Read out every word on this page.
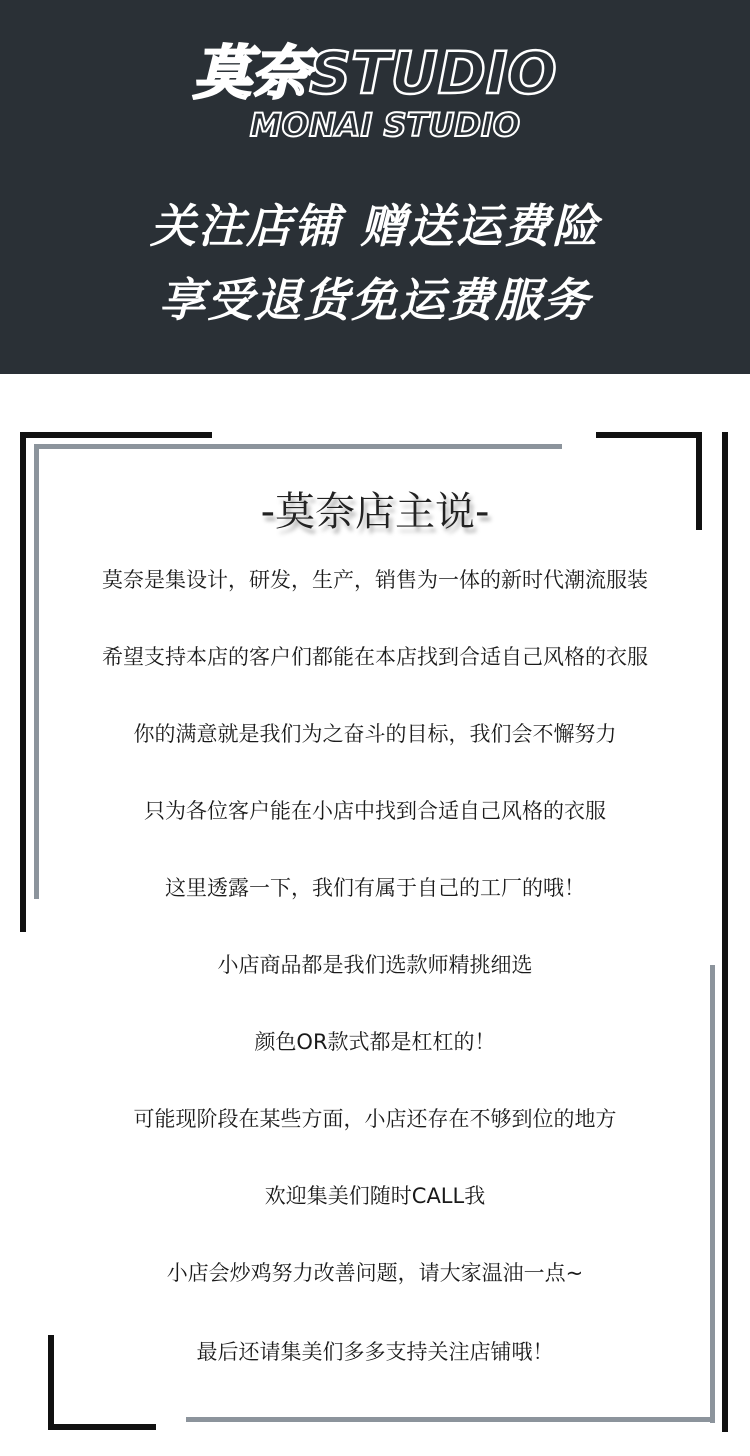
莫奈STUDIO
MONAI STUDIO
关注店铺 赠送运费险
享受退货免运费服务
-莫奈店主说-
莫奈是集设计，研发，生产，销售为一体的新时代潮流服装
希望支持本店的客户们都能在本店找到合适自己风格的衣服
你的满意就是我们为之奋斗的目标，我们会不懈努力
只为各位客户能在小店中找到合适自己风格的衣服
这里透露一下，我们有属于自己的工厂的哦！
小店商品都是我们选款师精挑细选
颜色OR款式都是杠杠的！
可能现阶段在某些方面，小店还存在不够到位的地方
欢迎集美们随时CALL我
小店会炒鸡努力改善问题，请大家温油一点~
最后还请集美们多多支持关注店铺哦！
